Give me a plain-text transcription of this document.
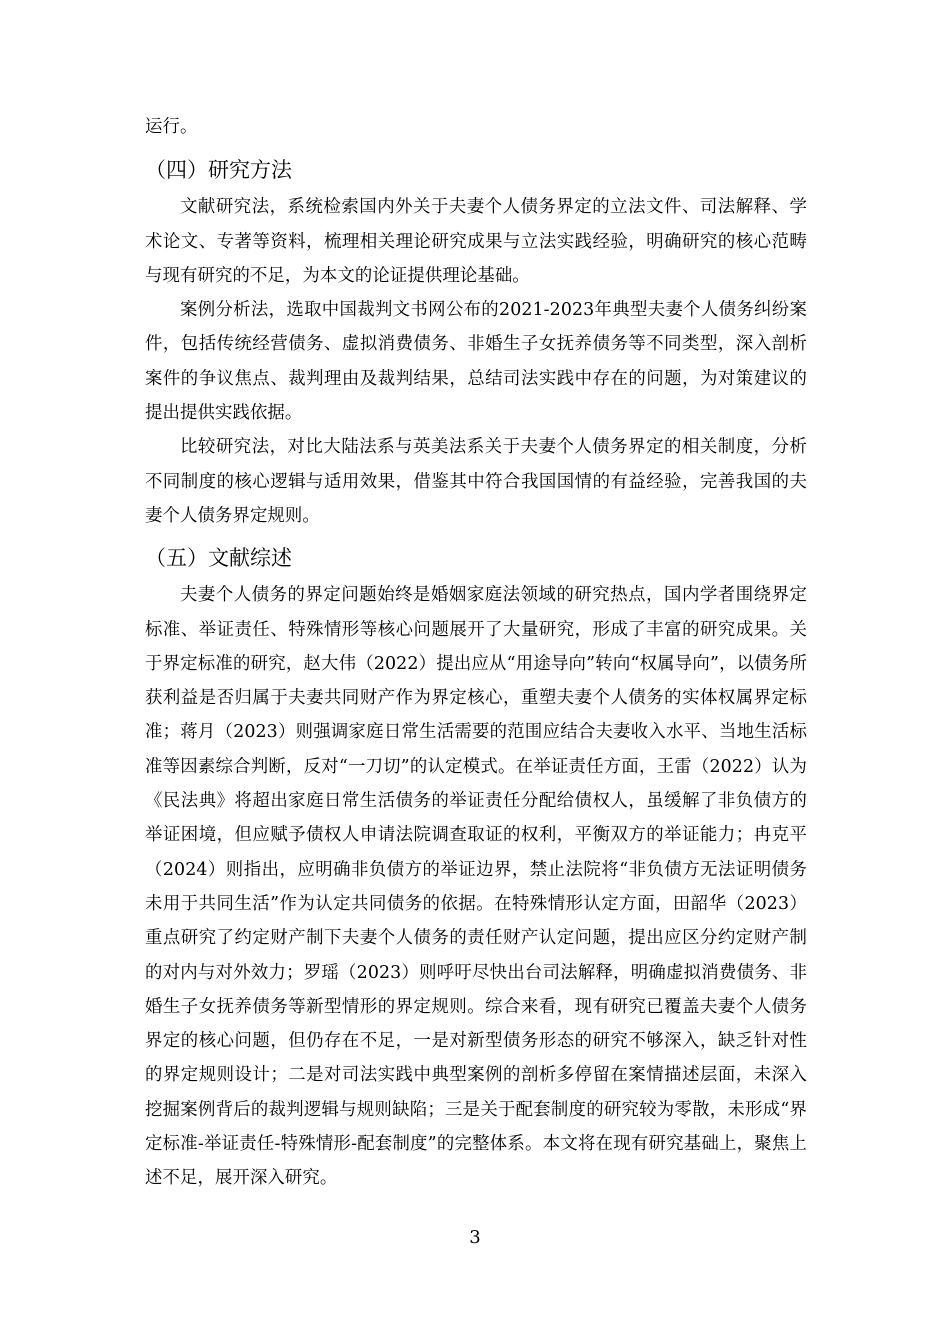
运行。

（四）研究方法

文献研究法，系统检索国内外关于夫妻个人债务界定的立法文件、司法解释、学术论文、专著等资料，梳理相关理论研究成果与立法实践经验，明确研究的核心范畴与现有研究的不足，为本文的论证提供理论基础。

案例分析法，选取中国裁判文书网公布的2021-2023年典型夫妻个人债务纠纷案件，包括传统经营债务、虚拟消费债务、非婚生子女抚养债务等不同类型，深入剖析案件的争议焦点、裁判理由及裁判结果，总结司法实践中存在的问题，为对策建议的提出提供实践依据。

比较研究法，对比大陆法系与英美法系关于夫妻个人债务界定的相关制度，分析不同制度的核心逻辑与适用效果，借鉴其中符合我国国情的有益经验，完善我国的夫妻个人债务界定规则。

（五）文献综述

夫妻个人债务的界定问题始终是婚姻家庭法领域的研究热点，国内学者围绕界定标准、举证责任、特殊情形等核心问题展开了大量研究，形成了丰富的研究成果。关于界定标准的研究，赵大伟（2022）提出应从“用途导向”转向“权属导向”，以债务所获利益是否归属于夫妻共同财产作为界定核心，重塑夫妻个人债务的实体权属界定标准；蒋月（2023）则强调家庭日常生活需要的范围应结合夫妻收入水平、当地生活标准等因素综合判断，反对“一刀切”的认定模式。在举证责任方面，王雷（2022）认为《民法典》将超出家庭日常生活债务的举证责任分配给债权人，虽缓解了非负债方的举证困境，但应赋予债权人申请法院调查取证的权利，平衡双方的举证能力；冉克平（2024）则指出，应明确非负债方的举证边界，禁止法院将“非负债方无法证明债务未用于共同生活”作为认定共同债务的依据。在特殊情形认定方面，田韶华（2023）重点研究了约定财产制下夫妻个人债务的责任财产认定问题，提出应区分约定财产制的对内与对外效力；罗瑶（2023）则呼吁尽快出台司法解释，明确虚拟消费债务、非婚生子女抚养债务等新型情形的界定规则。综合来看，现有研究已覆盖夫妻个人债务界定的核心问题，但仍存在不足，一是对新型债务形态的研究不够深入，缺乏针对性的界定规则设计；二是对司法实践中典型案例的剖析多停留在案情描述层面，未深入挖掘案例背后的裁判逻辑与规则缺陷；三是关于配套制度的研究较为零散，未形成“界定标准-举证责任-特殊情形-配套制度”的完整体系。本文将在现有研究基础上，聚焦上述不足，展开深入研究。

3
